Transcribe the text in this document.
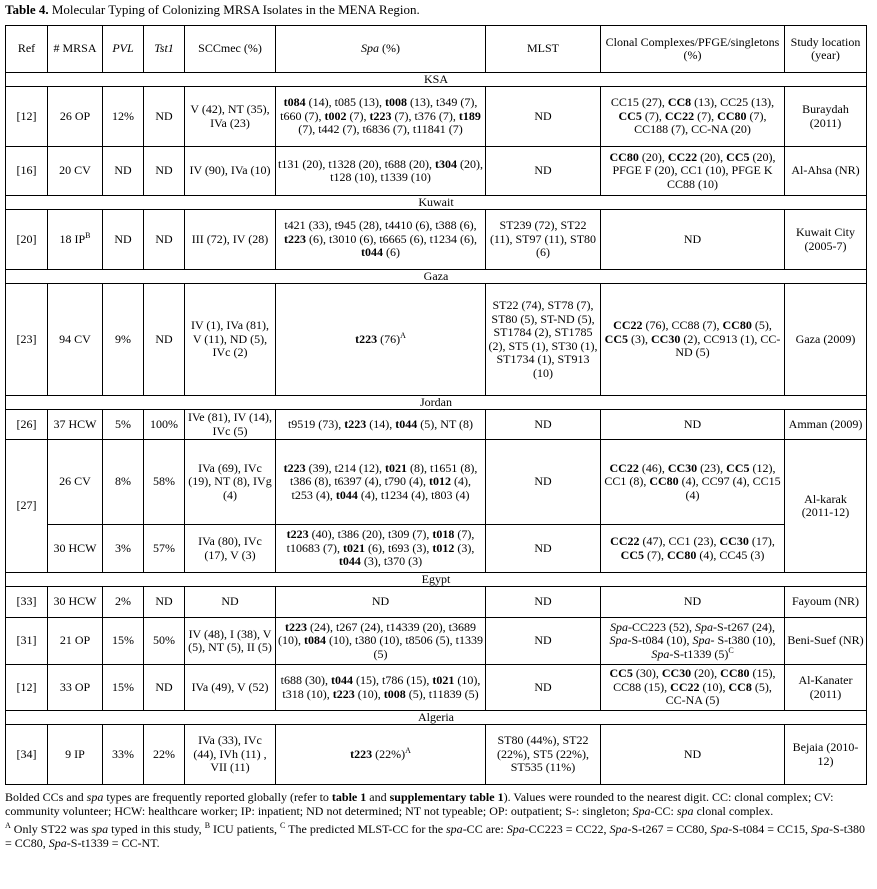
Table 4. Molecular Typing of Colonizing MRSA Isolates in the MENA Region.
Ref	# MRSA	PVL	Tst1	SCCmec (%)	Spa (%)	MLST	Clonal Complexes/PFGE/singletons (%)	Study location (year)
KSA								
[12]	26 OP	12%	ND	V (42), NT (35), IVa (23)	t084 (14), t085 (13), t008 (13), t349 (7), t660 (7), t002 (7), t223 (7), t376 (7), t189 (7), t442 (7), t6836 (7), t11841 (7)	ND	CC15 (27), CC8 (13), CC25 (13), CC5 (7), CC22 (7), CC80 (7), CC188 (7), CC-NA (20)	Buraydah (2011)
[16]	20 CV	ND	ND	IV (90), IVa (10)	t131 (20), t1328 (20), t688 (20), t304 (20), t128 (10), t1339 (10)	ND	CC80 (20), CC22 (20), CC5 (20), PFGE F (20), CC1 (10), PFGE K CC88 (10)	Al-Ahsa (NR)
Kuwait								
[20]	18 $IP^B$	ND	ND	III (72), IV (28)	t421 (33), t945 (28), t4410 (6), t388 (6), t223 (6), t3010 (6), t6665 (6), t1234 (6), t044 (6)	ST239 (72), ST22 (11), ST97 (11), ST80 (6)	ND	Kuwait City (2005-7)
Gaza								
[23]	94 CV	9%	ND	IV (1), IVa (81), V (11), ND (5), IVc (2)	t223 $(76)^A$	ST22 (74), ST78 (7), ST80 (5), ST-ND (5), ST1784 (2), ST1785 (2), ST5 (1), ST30 (1), ST1734 (1), ST913 (10)	CC22 (76), CC88 (7), CC80 (5), CC5 (3), CC30 (2), CC913 (1), CC-ND (5)	Gaza (2009)
Jordan								
[26]	37 HCW	5%	100%	IVe (81), IV (14), IVc (5)	t9519 (73), t223 (14), t044 (5), NT (8)	ND	ND	Amman (2009)
[27]	26 CV	8%	58%	IVa (69), IVc (19), NT (8), IVg (4)	t223 (39), t214 (12), t021 (8), t1651 (8), t386 (8), t6397 (4), t790 (4), t012 (4), t253 (4), t044 (4), t1234 (4), t803 (4)	ND	CC22 (46), CC30 (23), CC5 (12), CC1 (8), CC80 (4), CC97 (4), CC15 (4)	Al-karak (2011-12)
	30 HCW	3%	57%	IVa (80), IVc (17), V (3)	t223 (40), t386 (20), t309 (7), t018 (7), t10683 (7), t021 (6), t693 (3), t012 (3), t044 (3), t370 (3)	ND	CC22 (47), CC1 (23), CC30 (17), CC5 (7), CC80 (4), CC45 (3)	
Egypt								
[33]	30 HCW	2%	ND	ND	ND	ND	ND	Fayoum (NR)
[31]	21 OP	15%	50%	IV (48), I (38), V (5), NT (5), II (5)	t223 (24), t267 (24), t14339 (20), t3689 (10), t084 (10), t380 (10), t8506 (5), t1339 (5)	ND	Spa-CC223 (52), Spa-S-t267 (24), Spa-S-t084 (10), Spa- S-t380 (10), Spa-S-t1339 $(5)^C$	Beni-Suef (NR)
[12]	33 OP	15%	ND	IVa (49), V (52)	t688 (30), t044 (15), t786 (15), t021 (10), t318 (10), t223 (10), t008 (5), t11839 (5)	ND	CC5 (30), CC30 (20), CC80 (15), CC88 (15), CC22 (10), CC8 (5), CC-NA (5)	Al-Kanater (2011)
Algeria								
[34]	9 IP	33%	22%	IVa (33), IVc (44), IVh (11) , VII (11)	t223 $(22\%)^A$	ST80 (44%), ST22 (22%), ST5 (22%), ST535 (11%)	ND	Bejaia (2010-12)

Bolded CCs and spa types are frequently reported globally (refer to table 1 and supplementary table 1). Values were rounded to the nearest digit. CC: clonal complex; CV: community volunteer; HCW: healthcare worker; IP: inpatient; ND not determined; NT not typeable; OP: outpatient; S-: singleton; Spa-CC: spa clonal complex.

$^A$ Only ST22 was spa typed in this study, $^B$ ICU patients, $^C$ The predicted MLST-CC for the spa-CC are: Spa-CC223 = CC22, Spa-S-t267 = CC80, Spa-S-t084 = CC15, Spa-S-t380 = CC80, Spa-S-t1339 = CC-NT.
